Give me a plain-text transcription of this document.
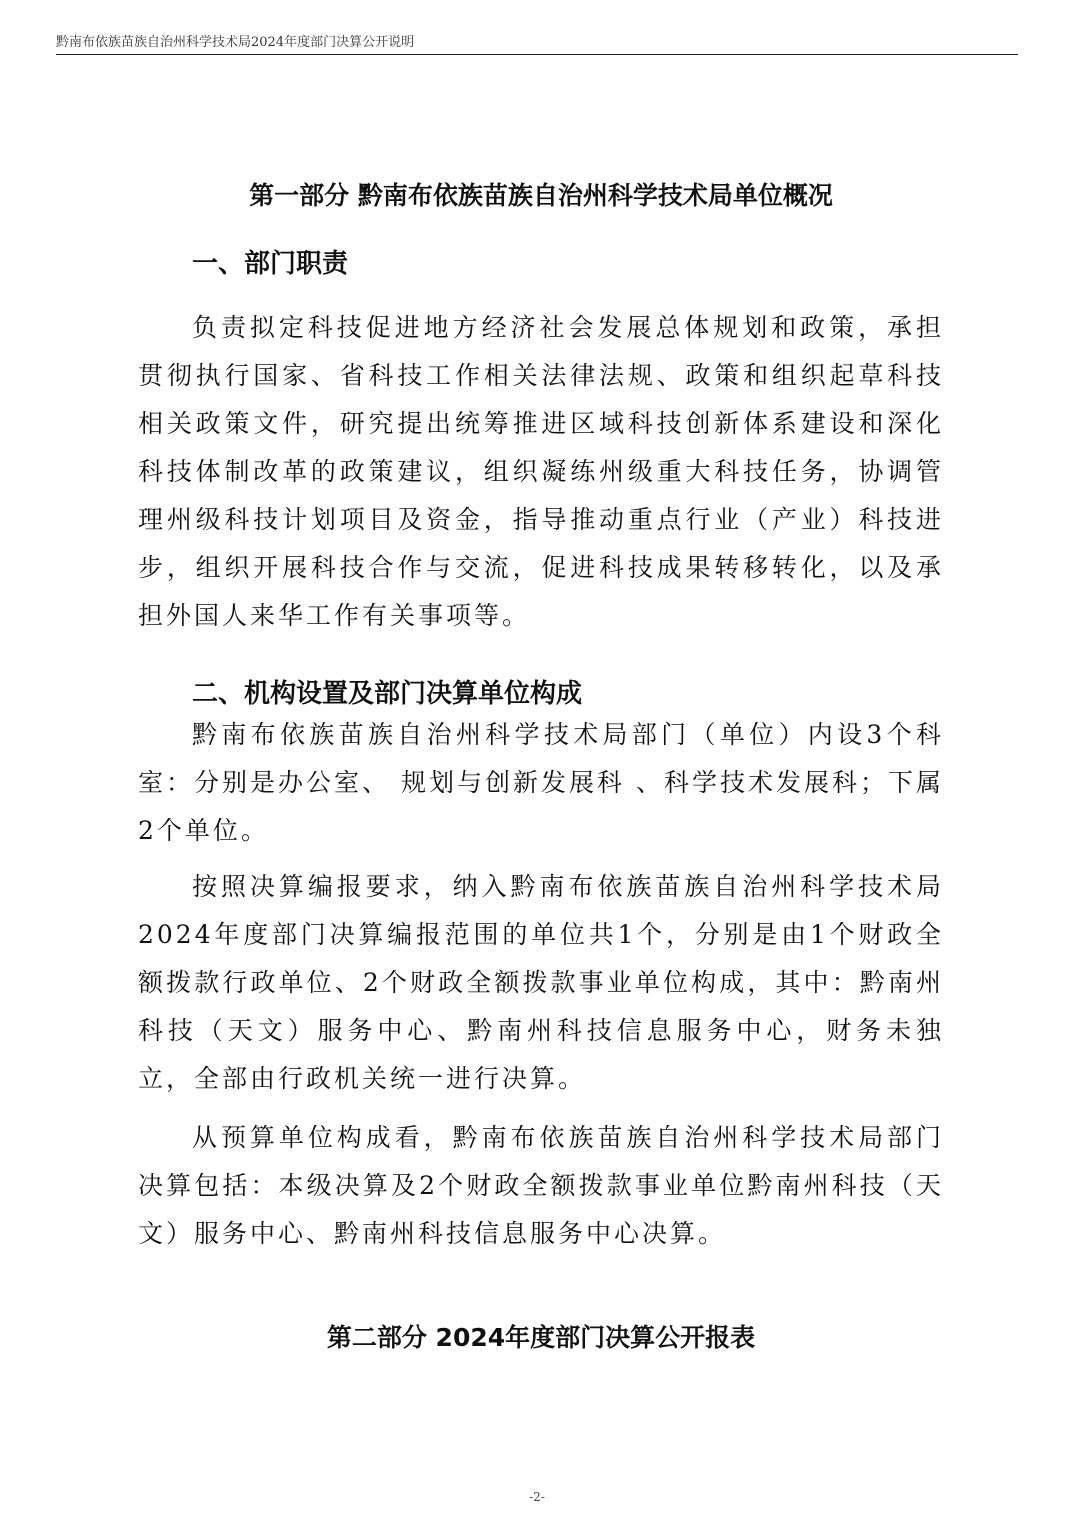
黔南布依族苗族自治州科学技术局2024年度部门决算公开说明
第一部分 黔南布依族苗族自治州科学技术局单位概况
一、部门职责

负责拟定科技促进地方经济社会发展总体规划和政策，承担贯彻执行国家、省科技工作相关法律法规、政策和组织起草科技相关政策文件，研究提出统筹推进区域科技创新体系建设和深化科技体制改革的政策建议，组织凝练州级重大科技任务，协调管理州级科技计划项目及资金，指导推动重点行业（产业）科技进步，组织开展科技合作与交流，促进科技成果转移转化，以及承担外国人来华工作有关事项等。

二、机构设置及部门决算单位构成

黔南布依族苗族自治州科学技术局部门（单位）内设3个科室：分别是办公室、 规划与创新发展科 、科学技术发展科；下属2个单位。

按照决算编报要求，纳入黔南布依族苗族自治州科学技术局2024年度部门决算编报范围的单位共1个，分别是由1个财政全额拨款行政单位、2个财政全额拨款事业单位构成，其中：黔南州科技（天文）服务中心、黔南州科技信息服务中心，财务未独立，全部由行政机关统一进行决算。

从预算单位构成看，黔南布依族苗族自治州科学技术局部门决算包括：本级决算及2个财政全额拨款事业单位黔南州科技（天文）服务中心、黔南州科技信息服务中心决算。

第二部分 2024年度部门决算公开报表
-2-
